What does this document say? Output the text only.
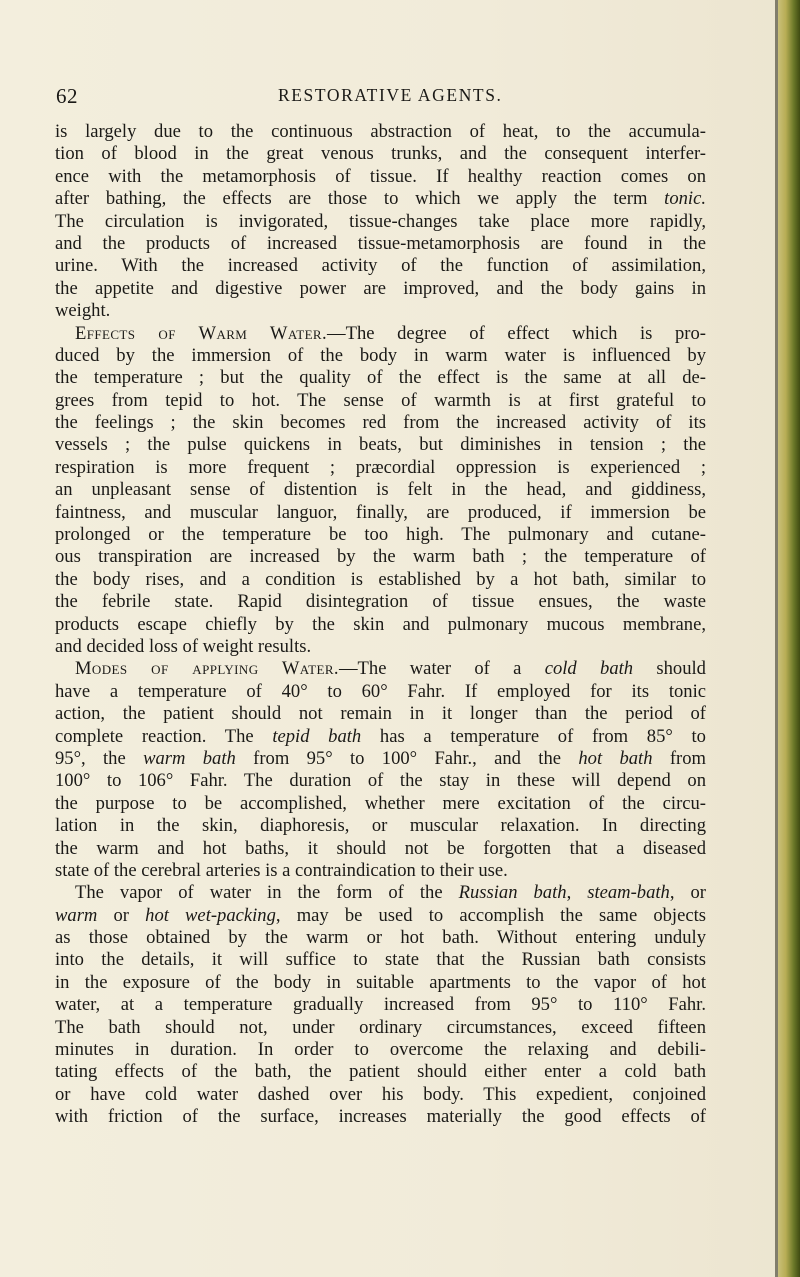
62	RESTORATIVE AGENTS.
is largely due to the continuous abstraction of heat, to the accumula-
tion of blood in the great venous trunks, and the consequent interfer-
ence with the metamorphosis of tissue. If healthy reaction comes on
after bathing, the effects are those to which we apply the term tonic.
The circulation is invigorated, tissue-changes take place more rapidly,
and the products of increased tissue-metamorphosis are found in the
urine. With the increased activity of the function of assimilation,
the appetite and digestive power are improved, and the body gains in
weight.
Effects of Warm Water.—The degree of effect which is pro-
duced by the immersion of the body in warm water is influenced by
the temperature ; but the quality of the effect is the same at all de-
grees from tepid to hot. The sense of warmth is at first grateful to
the feelings ; the skin becomes red from the increased activity of its
vessels ; the pulse quickens in beats, but diminishes in tension ; the
respiration is more frequent ; præcordial oppression is experienced ;
an unpleasant sense of distention is felt in the head, and giddiness,
faintness, and muscular languor, finally, are produced, if immersion be
prolonged or the temperature be too high. The pulmonary and cutane-
ous transpiration are increased by the warm bath ; the temperature of
the body rises, and a condition is established by a hot bath, similar to
the febrile state. Rapid disintegration of tissue ensues, the waste
products escape chiefly by the skin and pulmonary mucous membrane,
and decided loss of weight results.
Modes of applying Water.—The water of a cold bath should
have a temperature of 40° to 60° Fahr. If employed for its tonic
action, the patient should not remain in it longer than the period of
complete reaction. The tepid bath has a temperature of from 85° to
95°, the warm bath from 95° to 100° Fahr., and the hot bath from
100° to 106° Fahr. The duration of the stay in these will depend on
the purpose to be accomplished, whether mere excitation of the circu-
lation in the skin, diaphoresis, or muscular relaxation. In directing
the warm and hot baths, it should not be forgotten that a diseased
state of the cerebral arteries is a contraindication to their use.
The vapor of water in the form of the Russian bath, steam-bath, or
warm or hot wet-packing, may be used to accomplish the same objects
as those obtained by the warm or hot bath. Without entering unduly
into the details, it will suffice to state that the Russian bath consists
in the exposure of the body in suitable apartments to the vapor of hot
water, at a temperature gradually increased from 95° to 110° Fahr.
The bath should not, under ordinary circumstances, exceed fifteen
minutes in duration. In order to overcome the relaxing and debili-
tating effects of the bath, the patient should either enter a cold bath
or have cold water dashed over his body. This expedient, conjoined
with friction of the surface, increases materially the good effects of
